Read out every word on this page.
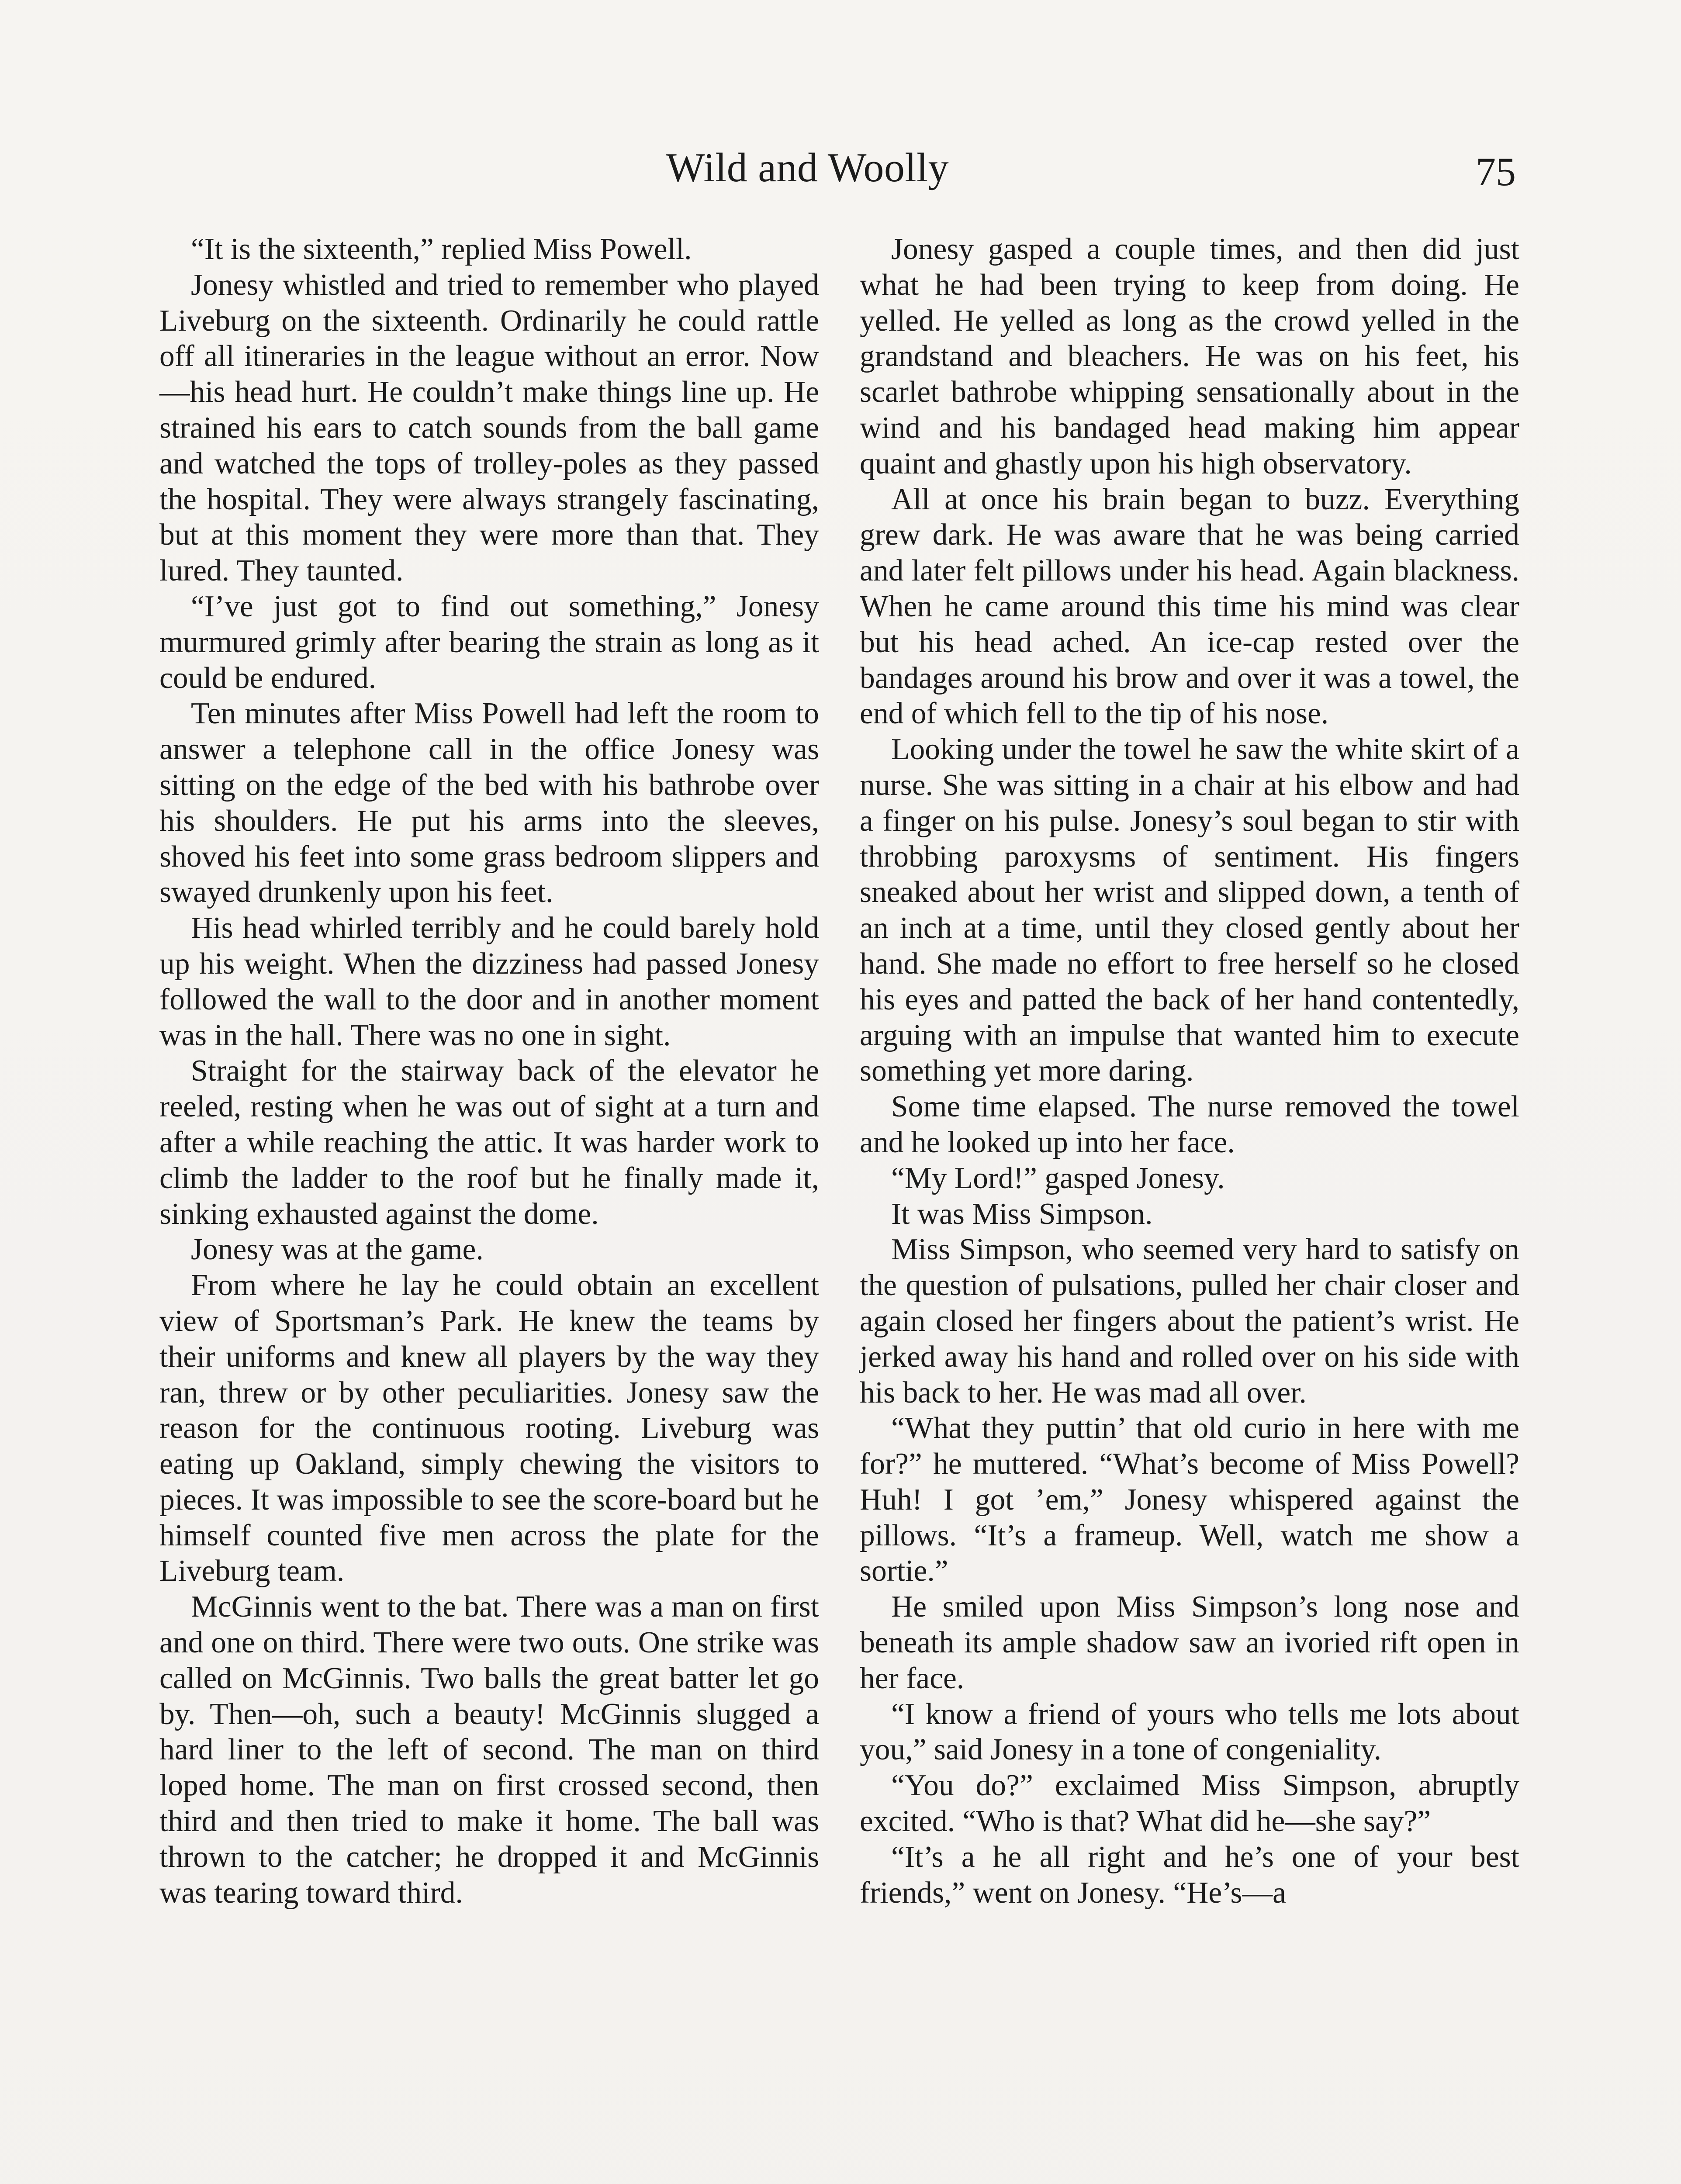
Wild and Woolly	75

“It is the sixteenth,” replied Miss Powell.

Jonesy whistled and tried to remember who played Liveburg on the sixteenth. Ordinarily he could rattle off all itineraries in the league without an error. Now—his head hurt. He couldn’t make things line up. He strained his ears to catch sounds from the ball game and watched the tops of trolley-poles as they passed the hospital. They were always strangely fascinating, but at this moment they were more than that. They lured. They taunted.

“I’ve just got to find out something,” Jonesy murmured grimly after bearing the strain as long as it could be endured.

Ten minutes after Miss Powell had left the room to answer a telephone call in the office Jonesy was sitting on the edge of the bed with his bathrobe over his shoulders. He put his arms into the sleeves, shoved his feet into some grass bedroom slippers and swayed drunkenly upon his feet.

His head whirled terribly and he could barely hold up his weight. When the dizziness had passed Jonesy followed the wall to the door and in another moment was in the hall. There was no one in sight.

Straight for the stairway back of the elevator he reeled, resting when he was out of sight at a turn and after a while reaching the attic. It was harder work to climb the ladder to the roof but he finally made it, sinking exhausted against the dome.

Jonesy was at the game.

From where he lay he could obtain an excellent view of Sportsman’s Park. He knew the teams by their uniforms and knew all players by the way they ran, threw or by other peculiarities. Jonesy saw the reason for the continuous rooting. Liveburg was eating up Oakland, simply chewing the visitors to pieces. It was impossible to see the score-board but he himself counted five men across the plate for the Liveburg team.

McGinnis went to the bat. There was a man on first and one on third. There were two outs. One strike was called on McGinnis. Two balls the great batter let go by. Then—oh, such a beauty! McGinnis slugged a hard liner to the left of second. The man on third loped home. The man on first crossed second, then third and then tried to make it home. The ball was thrown to the catcher; he dropped it and McGinnis was tearing toward third.

Jonesy gasped a couple times, and then did just what he had been trying to keep from doing. He yelled. He yelled as long as the crowd yelled in the grandstand and bleachers. He was on his feet, his scarlet bathrobe whipping sensationally about in the wind and his bandaged head making him appear quaint and ghastly upon his high observatory.

All at once his brain began to buzz. Everything grew dark. He was aware that he was being carried and later felt pillows under his head. Again blackness. When he came around this time his mind was clear but his head ached. An ice-cap rested over the bandages around his brow and over it was a towel, the end of which fell to the tip of his nose.

Looking under the towel he saw the white skirt of a nurse. She was sitting in a chair at his elbow and had a finger on his pulse. Jonesy’s soul began to stir with throbbing paroxysms of sentiment. His fingers sneaked about her wrist and slipped down, a tenth of an inch at a time, until they closed gently about her hand. She made no effort to free herself so he closed his eyes and patted the back of her hand contentedly, arguing with an impulse that wanted him to execute something yet more daring.

Some time elapsed. The nurse removed the towel and he looked up into her face.

“My Lord!” gasped Jonesy.

It was Miss Simpson.

Miss Simpson, who seemed very hard to satisfy on the question of pulsations, pulled her chair closer and again closed her fingers about the patient’s wrist. He jerked away his hand and rolled over on his side with his back to her. He was mad all over.

“What they puttin’ that old curio in here with me for?” he muttered. “What’s become of Miss Powell? Huh! I got ’em,” Jonesy whispered against the pillows. “It’s a frameup. Well, watch me show a sortie.”

He smiled upon Miss Simpson’s long nose and beneath its ample shadow saw an ivoried rift open in her face.

“I know a friend of yours who tells me lots about you,” said Jonesy in a tone of congeniality.

“You do?” exclaimed Miss Simpson, abruptly excited. “Who is that? What did he—she say?”

“It’s a he all right and he’s one of your best friends,” went on Jonesy. “He’s—a
